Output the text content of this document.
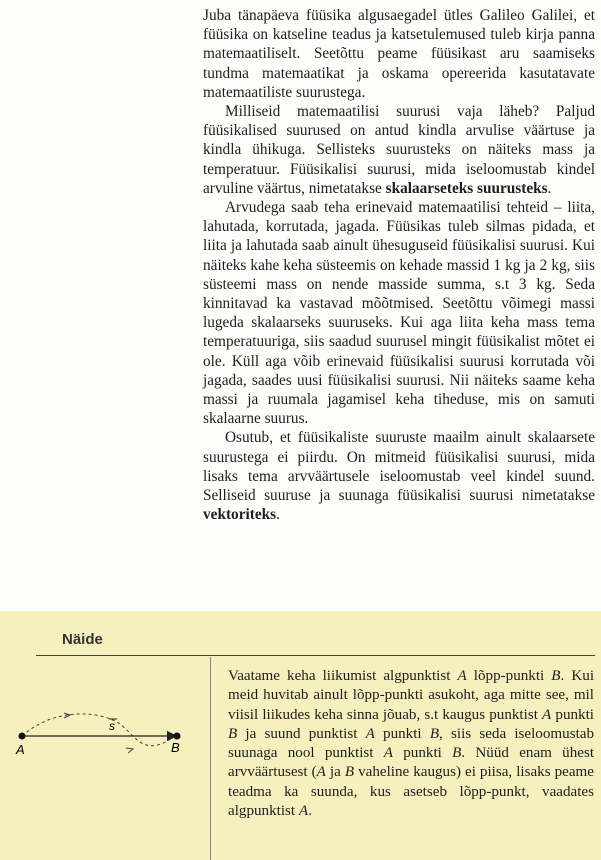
Juba tänapäeva füüsika algusaegadel ütles Galileo Galilei, et füüsika on katseline teadus ja katsetulemused tuleb kirja panna matemaatiliselt. Seetõttu peame füüsikast aru saamiseks tundma matemaatikat ja oskama opereerida kasutatavate matemaatiliste suurustega.

Milliseid matemaatilisi suurusi vaja läheb? Paljud füüsikalised suurused on antud kindla arvulise väärtuse ja kindla ühikuga. Sellisteks suurusteks on näiteks mass ja temperatuur. Füüsikalisi suurusi, mida iseloomustab kindel arvuline väärtus, nimetatakse skalaarseteks suurusteks.

Arvudega saab teha erinevaid matemaatilisi tehteid – liita, lahutada, korrutada, jagada. Füüsikas tuleb silmas pidada, et liita ja lahutada saab ainult ühesuguseid füüsikalisi suurusi. Kui näiteks kahe keha süsteemis on kehade massid 1 kg ja 2 kg, siis süsteemi mass on nende masside summa, s.t 3 kg. Seda kinnitavad ka vastavad mõõtmised. Seetõttu võimegi massi lugeda skalaarseks suuruseks. Kui aga liita keha mass tema temperatuuriga, siis saadud suurusel mingit füüsikalist mõtet ei ole. Küll aga võib erinevaid füüsikalisi suurusi korrutada või jagada, saades uusi füüsikalisi suurusi. Nii näiteks saame keha massi ja ruumala jagamisel keha tiheduse, mis on samuti skalaarne suurus.

Osutub, et füüsikaliste suuruste maailm ainult skalaarsete suurustega ei piirdu. On mitmeid füüsikalisi suurusi, mida lisaks tema arvväärtusele iseloomustab veel kindel suund. Selliseid suuruse ja suunaga füüsikalisi suurusi nimetatakse vektoriteks.

Näide
A	B
s
Vaatame keha liikumist algpunktist A lõpp-punkti B. Kui meid huvitab ainult lõpp-punkti asukoht, aga mitte see, mil viisil liikudes keha sinna jõuab, s.t kaugus punktist A punkti B ja suund punktist A punkti B, siis seda iseloomustab suunaga nool punktist A punkti B. Nüüd enam ühest arvväärtusest (A ja B vaheline kaugus) ei piisa, lisaks peame teadma ka suunda, kus asetseb lõpp-punkt, vaadates algpunktist A.
